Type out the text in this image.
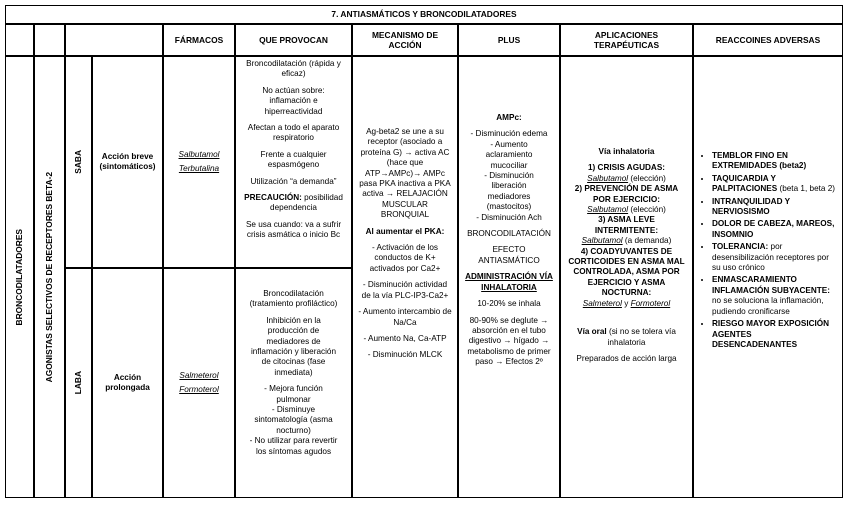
7. ANTIASMÁTICOS Y BRONCODILATADORES
FÁRMACOS	QUE PROVOCAN
MECANISMO DE ACCIÓN
PLUS
APLICACIONES TERAPÉUTICAS
REACCOINES ADVERSAS
BRONCODILATADORES AGONISTAS SELECTIVOS DE RECEPTORES BETA-2
SABA
LABA
Acción breve (sintomáticos)

Salbutamol

Terbutalina

Broncodilatación (rápida y eficaz)

No actúan sobre: inflamación e hiperreactividad

Afectan a todo el aparato respiratorio

Frente a cualquier espasmógeno

Utilización “a demanda”

PRECAUCIÓN: posibilidad dependencia

Se usa cuando: va a sufrir crisis asmática o inicio Bc

Acción prolongada

Salmeterol

Formoterol

Broncodilatación (tratamiento profiláctico)

Inhibición en la producción de mediadores de inflamación y liberación de citocinas (fase inmediata)

- Mejora función pulmonar

- Disminuye sintomatología (asma nocturno)

- No utilizar para revertir los síntomas agudos

Ag-beta2 se une a su receptor (asociado a proteína G) → activa AC (hace que ATP→AMPc)→ AMPc pasa PKA inactiva a PKA activa → RELAJACIÓN MUSCULAR BRONQUIAL

Al aumentar el PKA:

- Activación de los conductos de K+ activados por Ca2+

- Disminución actividad de la vía PLC-IP3-Ca2+

- Aumento intercambio de Na/Ca

- Aumento Na, Ca-ATP

- Disminución MLCK

AMPc:

- Disminución edema

- Aumento aclaramiento mucociliar

- Disminución liberación mediadores (mastocitos)

- Disminución Ach

BRONCODILATACIÓN

EFECTO ANTIASMÁTICO

ADMINISTRACIÓN VÍA INHALATORIA

10-20% se inhala

80-90% se deglute → absorción en el tubo digestivo → hígado → metabolismo de primer paso → Efectos 2º

Vía inhalatoria

1) CRISIS AGUDAS:

Salbutamol (elección)

2) PREVENCIÓN DE ASMA POR EJERCICIO:

Salbutamol (elección)

3) ASMA LEVE INTERMITENTE:

Salbutamol (a demanda)

4) COADYUVANTES DE CORTICOIDES EN ASMA MAL CONTROLADA, ASMA POR EJERCICIO Y ASMA NOCTURNA:

Salmeterol y Formoterol

Vía oral (si no se tolera vía inhalatoria

Preparados de acción larga

• TEMBLOR FINO EN EXTREMIDADES (beta2)
• TAQUICARDIA Y PALPITACIONES (beta 1, beta 2)
• INTRANQUILIDAD Y NERVIOSISMO
• DOLOR DE CABEZA, MAREOS, INSOMNIO
• TOLERANCIA: por desensibilización receptores por su uso crónico
• ENMASCARAMIENTO INFLAMACIÓN SUBYACENTE: no se soluciona la inflamación, pudiendo cronificarse
• RIESGO MAYOR EXPOSICIÓN AGENTES DESENCADENANTES
